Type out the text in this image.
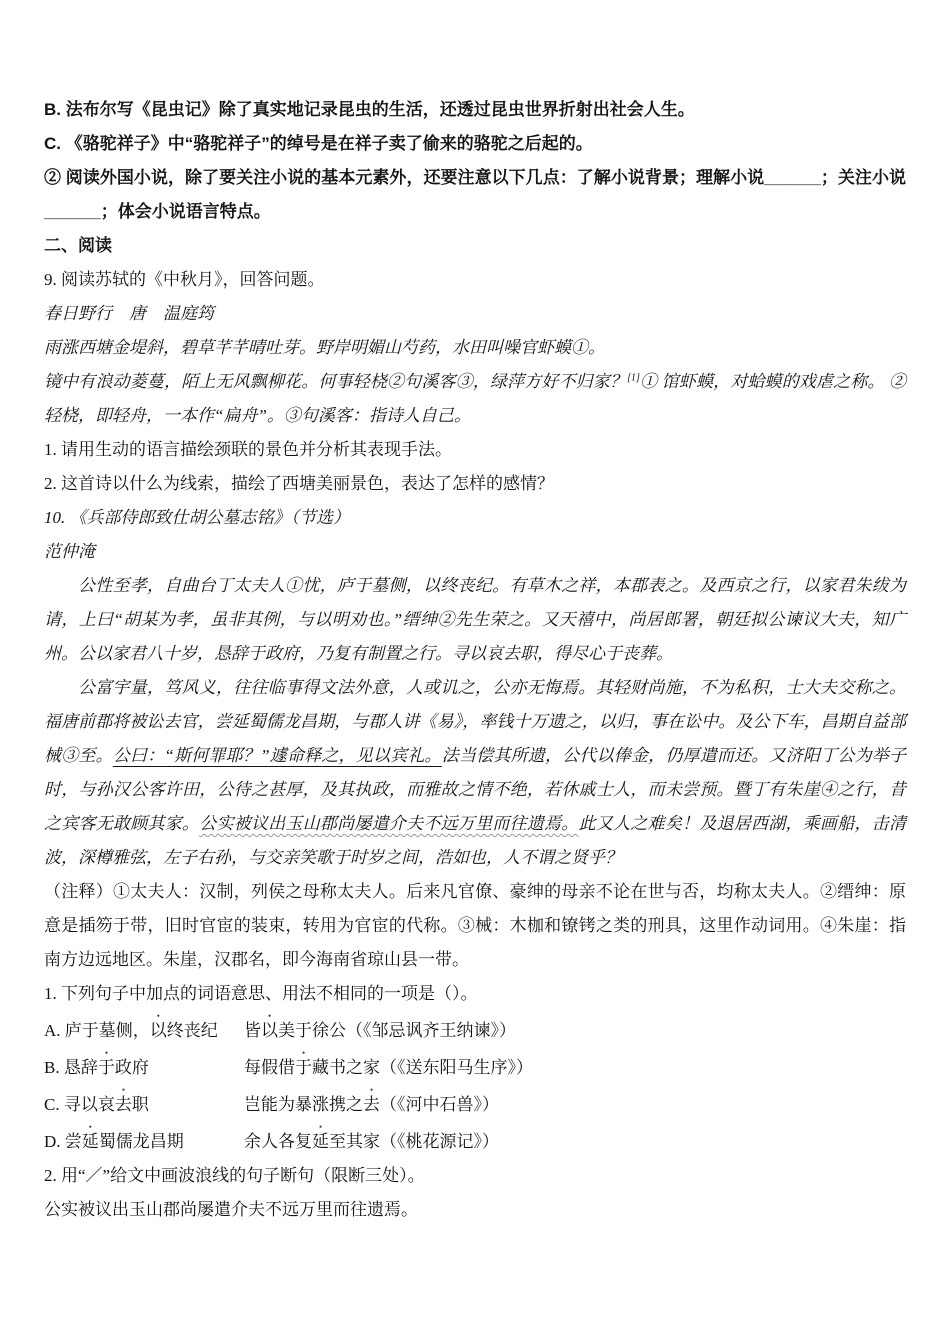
B. 法布尔写《昆虫记》除了真实地记录昆虫的生活，还透过昆虫世界折射出社会人生。

C. 《骆驼祥子》中“骆驼祥子”的绰号是在祥子卖了偷来的骆驼之后起的。

② 阅读外国小说，除了要关注小说的基本元素外，还要注意以下几点：了解小说背景；理解小说______；关注小说______；体会小说语言特点。

二、阅读

9. 阅读苏轼的《中秋月》，回答问题。

春日野行　唐　温庭筠

雨涨西塘金堤斜，碧草芊芊晴吐芽。野岸明媚山芍药，水田叫噪官虾蟆①。

镜中有浪动菱蔓，陌上无风飘柳花。何事轻桡②句溪客③，绿萍方好不归家？[1]① 馆虾蟆，对蛤蟆的戏虐之称。 ②轻桡，即轻舟，一本作“扁舟”。③句溪客：指诗人自己。

1. 请用生动的语言描绘颈联的景色并分析其表现手法。

2. 这首诗以什么为线索，描绘了西塘美丽景色，表达了怎样的感情？

10. 《兵部侍郎致仕胡公墓志铭》（节选）

范仲淹

公性至孝，自曲台丁太夫人①忧，庐于墓侧，以终丧纪。有草木之祥，本郡表之。及西京之行，以家君朱绂为请，上曰“胡某为孝，虽非其例，与以明劝也。”缙绅②先生荣之。又天禧中，尚居郎署，朝廷拟公谏议大夫，知广州。公以家君八十岁，恳辞于政府，乃复有制置之行。寻以哀去职，得尽心于丧葬。

公富宇量，笃风义，往往临事得文法外意，人或讥之，公亦无悔焉。其轻财尚施，不为私积，士大夫交称之。福唐前郡将被讼去官，尝延蜀儒龙昌期，与郡人讲《易》，率钱十万遗之，以归，事在讼中。及公下车，昌期自益部械③至。公曰：“斯何罪耶？”遽命释之，见以宾礼。法当偿其所遗，公代以俸金，仍厚遣而还。又济阳丁公为举子时，与孙汉公客许田，公待之甚厚，及其执政，而雅故之情不绝，若休戚士人，而未尝预。暨丁有朱崖④之行，昔之宾客无敢顾其家。公实被议出玉山郡尚屡遣介夫不远万里而往遗焉。此又人之难矣！及退居西湖，乘画船，击清波，深樽雅弦，左子右孙，与交亲笑歌于时岁之间，浩如也，人不谓之贤乎？

（注释）①太夫人：汉制，列侯之母称太夫人。后来凡官僚、豪绅的母亲不论在世与否，均称太夫人。②缙绅：原意是插笏于带，旧时官宦的装束，转用为官宦的代称。③械：木枷和镣铐之类的刑具，这里作动词用。④朱崖：指南方边远地区。朱崖，汉郡名，即今海南省琼山县一带。

1. 下列句子中加点的词语意思、用法不相同的一项是（）。

A. 庐于墓侧，以终丧纪	皆以美于徐公（《邹忌讽齐王纳谏》）
B. 恳辞于政府	每假借于藏书之家（《送东阳马生序》）
C. 寻以哀去职	岂能为暴涨携之去（《河中石兽》）
D. 尝延蜀儒龙昌期	余人各复延至其家（《桃花源记》）

2. 用“／”给文中画波浪线的句子断句（限断三处）。

公实被议出玉山郡尚屡遣介夫不远万里而往遗焉。
